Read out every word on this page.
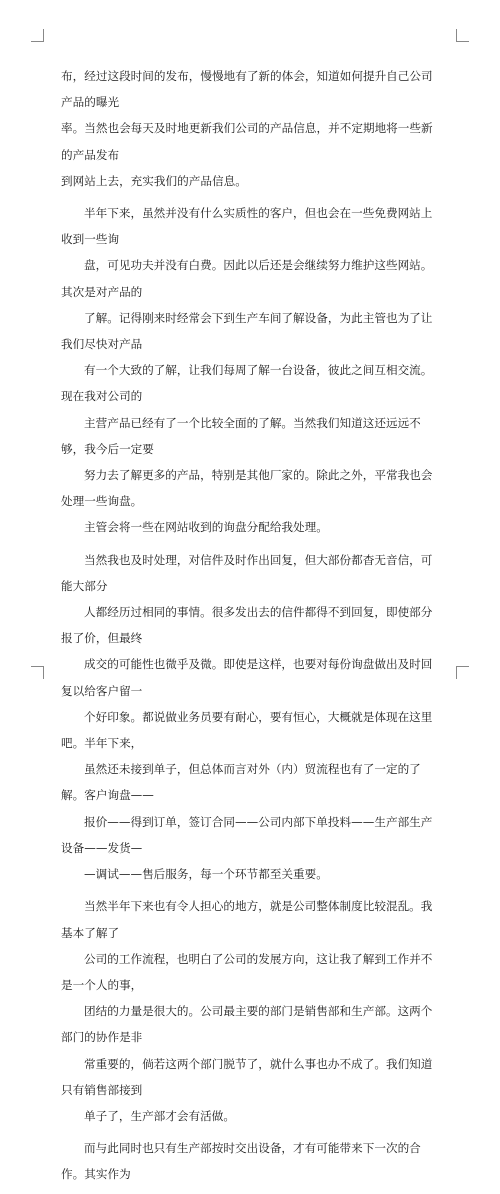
布，经过这段时间的发布，慢慢地有了新的体会，知道如何提升自己公司产品的曝光
率。当然也会每天及时地更新我们公司的产品信息，并不定期地将一些新的产品发布
到网站上去，充实我们的产品信息。

半年下来，虽然并没有什么实质性的客户，但也会在一些免费网站上收到一些询
盘，可见功夫并没有白费。因此以后还是会继续努力维护这些网站。其次是对产品的
了解。记得刚来时经常会下到生产车间了解设备，为此主管也为了让我们尽快对产品
有一个大致的了解，让我们每周了解一台设备，彼此之间互相交流。现在我对公司的
主营产品已经有了一个比较全面的了解。当然我们知道这还远远不够，我今后一定要
努力去了解更多的产品，特别是其他厂家的。除此之外，平常我也会处理一些询盘。
主管会将一些在网站收到的询盘分配给我处理。

当然我也及时处理，对信件及时作出回复，但大部份都杳无音信，可能大部分
人都经历过相同的事情。很多发出去的信件都得不到回复，即使部分报了价，但最终
成交的可能性也微乎及微。即使是这样，也要对每份询盘做出及时回复以给客户留一
个好印象。都说做业务员要有耐心，要有恒心，大概就是体现在这里吧。半年下来，
虽然还未接到单子，但总体而言对外（内）贸流程也有了一定的了解。客户询盘——
报价——得到订单，签订合同——公司内部下单投料——生产部生产设备——发货—
—调试——售后服务，每一个环节都至关重要。

当然半年下来也有令人担心的地方，就是公司整体制度比较混乱。我基本了解了
公司的工作流程，也明白了公司的发展方向，这让我了解到工作并不是一个人的事，
团结的力量是很大的。公司最主要的部门是销售部和生产部。这两个部门的协作是非
常重要的，倘若这两个部门脱节了，就什么事也办不成了。我们知道只有销售部接到
单子了，生产部才会有活做。

而与此同时也只有生产部按时交出设备，才有可能带来下一次的合作。其实作为
